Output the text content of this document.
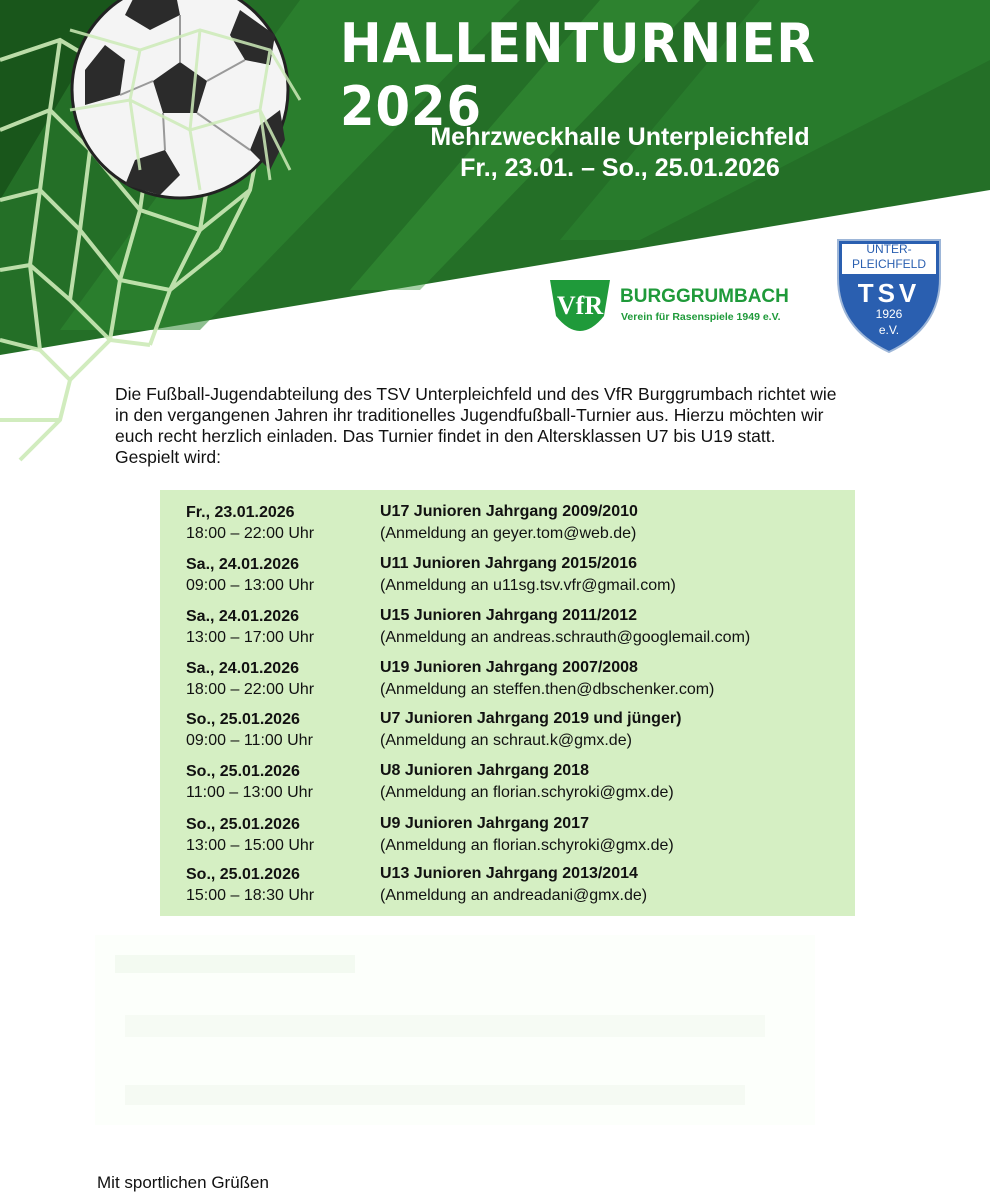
HALLENTURNIER 2026
Mehrzweckhalle Unterpleichfeld
Fr., 23.01. – So., 25.01.2026
VfR BURGGRUMBACH
Verein für Rasenspiele 1949 e.V.
UNTER-
PLEICHFELD
TSV
1926
e.V.
Die Fußball-Jugendabteilung des TSV Unterpleichfeld und des VfR Burggrumbach richtet wie
in den vergangenen Jahren ihr traditionelles Jugendfußball-Turnier aus. Hierzu möchten wir
euch recht herzlich einladen. Das Turnier findet in den Altersklassen U7 bis U19 statt.
Gespielt wird:
Fr., 23.01.2026
18:00 – 22:00 Uhr
U17 Junioren Jahrgang 2009/2010
(Anmeldung an geyer.tom@web.de)
Sa., 24.01.2026
09:00 – 13:00 Uhr
U11 Junioren Jahrgang 2015/2016
(Anmeldung an u11sg.tsv.vfr@gmail.com)
Sa., 24.01.2026
13:00 – 17:00 Uhr
U15 Junioren Jahrgang 2011/2012
(Anmeldung an andreas.schrauth@googlemail.com)
Sa., 24.01.2026
18:00 – 22:00 Uhr
U19 Junioren Jahrgang 2007/2008
(Anmeldung an steffen.then@dbschenker.com)
So., 25.01.2026
09:00 – 11:00 Uhr
U7 Junioren Jahrgang 2019 und jünger)
(Anmeldung an schraut.k@gmx.de)
So., 25.01.2026
11:00 – 13:00 Uhr
U8 Junioren Jahrgang 2018
(Anmeldung an florian.schyroki@gmx.de)
So., 25.01.2026
13:00 – 15:00 Uhr
U9 Junioren Jahrgang 2017
(Anmeldung an florian.schyroki@gmx.de)
So., 25.01.2026
15:00 – 18:30 Uhr
U13 Junioren Jahrgang 2013/2014
(Anmeldung an andreadani@gmx.de)
Mit sportlichen Grüßen
